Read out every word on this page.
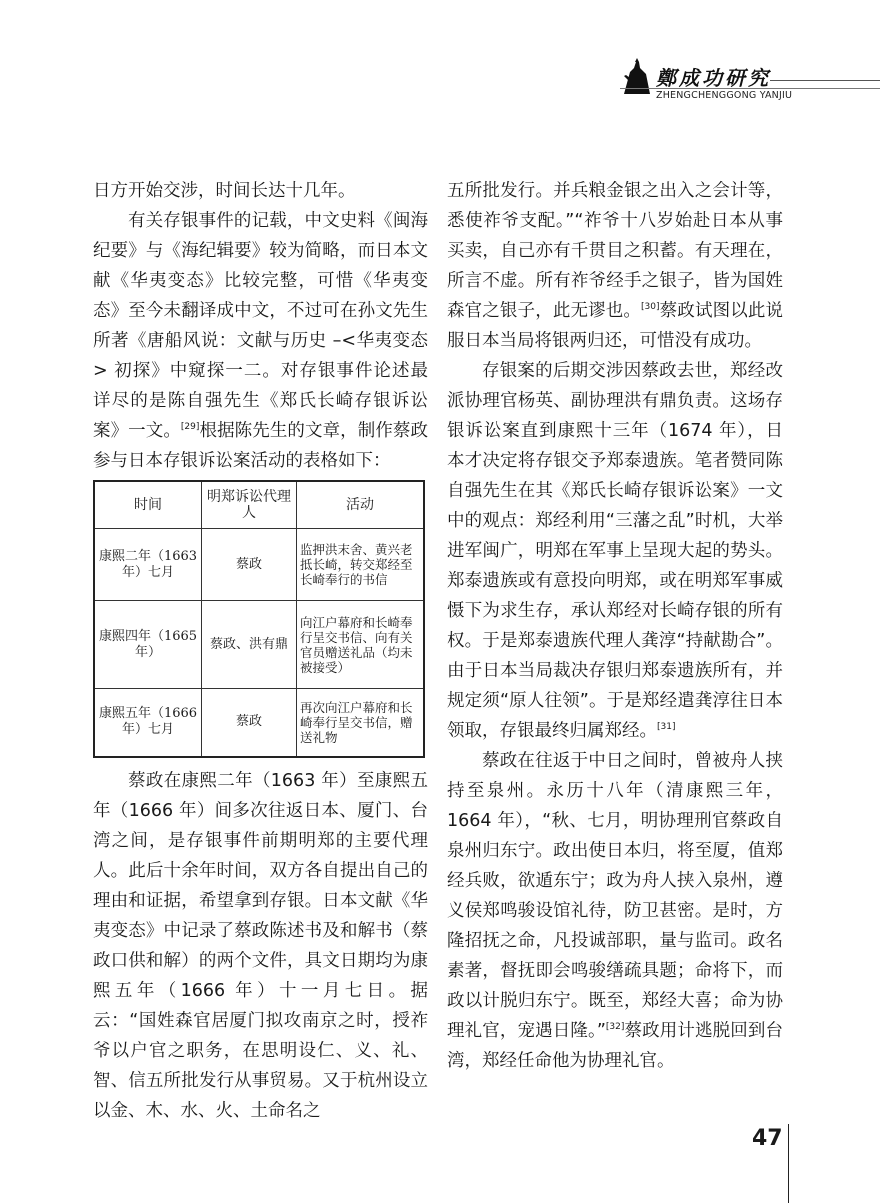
鄭成功研究
ZHENGCHENGGONG YANJIU

日方开始交涉，时间长达十几年。

有关存银事件的记载，中文史料《闽海纪要》与《海纪辑要》较为简略，而日本文献《华夷变态》比较完整，可惜《华夷变态》至今未翻译成中文，不过可在孙文先生所著《唐船风说：文献与历史 –<华夷变态 > 初探》中窥探一二。对存银事件论述最详尽的是陈自强先生《郑氏长崎存银诉讼案》一文。[29]根据陈先生的文章，制作蔡政参与日本存银诉讼案活动的表格如下：

时间	明郑诉讼代理人	活动
康熙二年（1663 年）七月	蔡政	监押洪末舍、黄兴老抵长崎，转交郑经至长崎奉行的书信
康熙四年（1665 年）	蔡政、洪有鼎	向江户幕府和长崎奉行呈交书信、向有关官员赠送礼品（均未被接受）
康熙五年（1666 年）七月	蔡政	再次向江户幕府和长崎奉行呈交书信，赠送礼物

蔡政在康熙二年（1663 年）至康熙五年（1666 年）间多次往返日本、厦门、台湾之间，是存银事件前期明郑的主要代理人。此后十余年时间，双方各自提出自己的理由和证据，希望拿到存银。日本文献《华夷变态》中记录了蔡政陈述书及和解书（蔡政口供和解）的两个文件，具文日期均为康熙五年（1666 年）十一月七日。据云：“国姓森官居厦门拟攻南京之时，授祚爷以户官之职务，在思明设仁、义、礼、智、信五所批发行从事贸易。又于杭州设立以金、木、水、火、土命名之

五所批发行。并兵粮金银之出入之会计等，悉使祚爷支配。”“祚爷十八岁始赴日本从事买卖，自己亦有千贯目之积蓄。有天理在，所言不虚。所有祚爷经手之银子，皆为国姓森官之银子，此无谬也。[30]蔡政试图以此说服日本当局将银两归还，可惜没有成功。

存银案的后期交涉因蔡政去世，郑经改派协理官杨英、副协理洪有鼎负责。这场存银诉讼案直到康熙十三年（1674 年），日本才决定将存银交予郑泰遗族。笔者赞同陈自强先生在其《郑氏长崎存银诉讼案》一文中的观点：郑经利用“三藩之乱”时机，大举进军闽广，明郑在军事上呈现大起的势头。郑泰遗族或有意投向明郑，或在明郑军事威慑下为求生存，承认郑经对长崎存银的所有权。于是郑泰遗族代理人龚淳“持献勘合”。由于日本当局裁决存银归郑泰遗族所有，并规定须“原人往领”。于是郑经遣龚淳往日本领取，存银最终归属郑经。[31]

蔡政在往返于中日之间时，曾被舟人挟持至泉州。永历十八年（清康熙三年，1664 年），“秋、七月，明协理刑官蔡政自泉州归东宁。政出使日本归，将至厦，值郑经兵败，欲遁东宁；政为舟人挟入泉州，遵义侯郑鸣骏设馆礼待，防卫甚密。是时，方隆招抚之命，凡投诚部职，量与监司。政名素著，督抚即会鸣骏缮疏具题；命将下，而政以计脱归东宁。既至，郑经大喜；命为协理礼官，宠遇日隆。”[32]蔡政用计逃脱回到台湾，郑经任命他为协理礼官。

47
